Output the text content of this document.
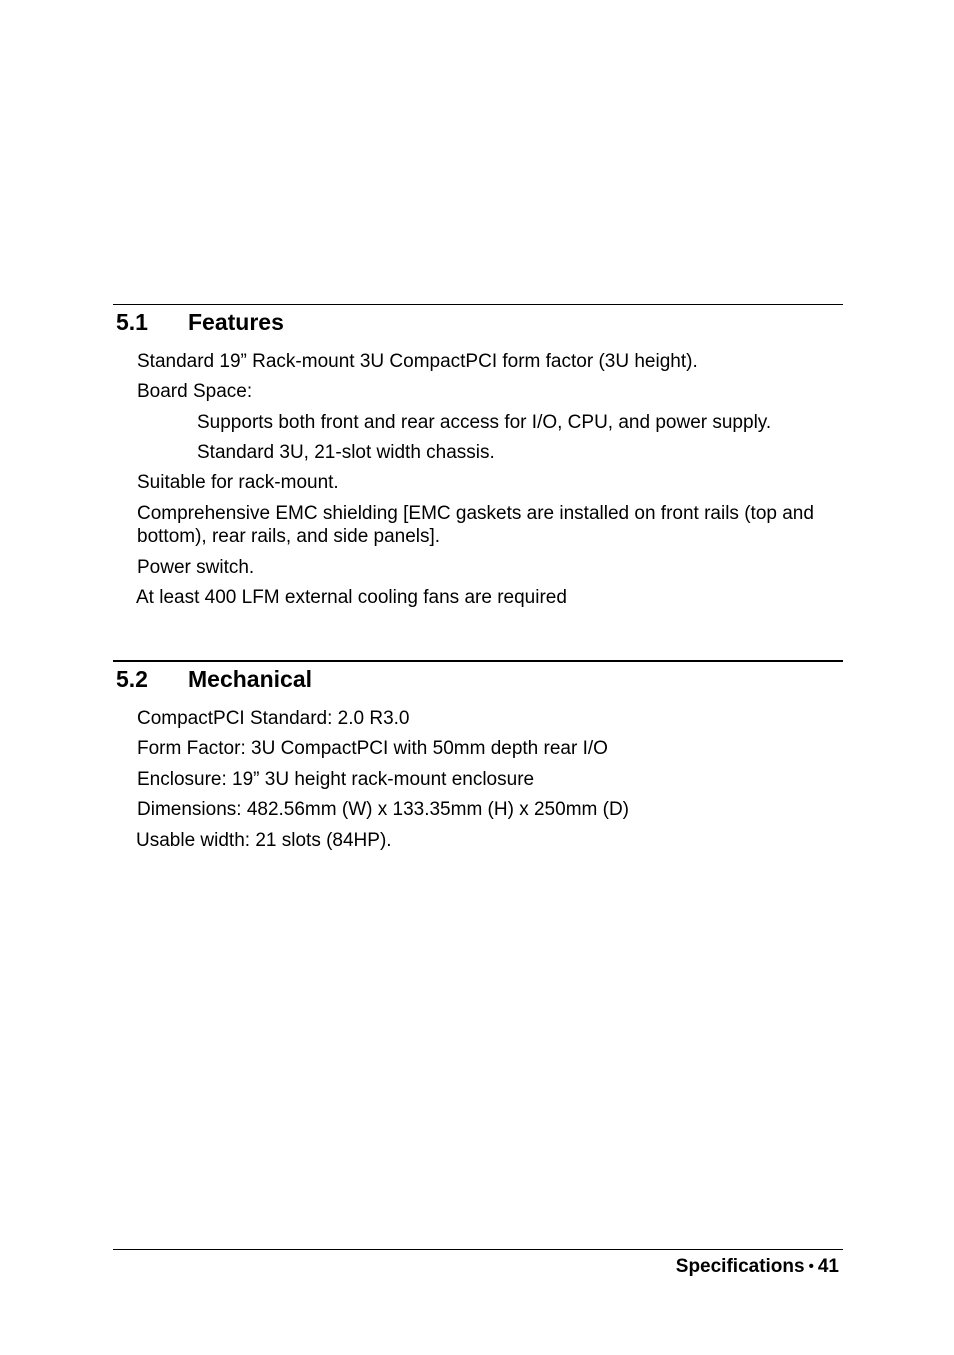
5.1 Features

Standard 19” Rack-mount 3U CompactPCI form factor (3U height).

Board Space:

Supports both front and rear access for I/O, CPU, and power supply.

Standard 3U, 21-slot width chassis.

Suitable for rack-mount.

Comprehensive EMC shielding [EMC gaskets are installed on front rails (top and bottom), rear rails, and side panels].

Power switch.

At least 400 LFM external cooling fans are required

5.2 Mechanical

CompactPCI Standard: 2.0 R3.0

Form Factor: 3U CompactPCI with 50mm depth rear I/O

Enclosure: 19” 3U height rack-mount enclosure

Dimensions: 482.56mm (W) x 133.35mm (H) x 250mm (D)

Usable width: 21 slots (84HP).

Specifications • 41
